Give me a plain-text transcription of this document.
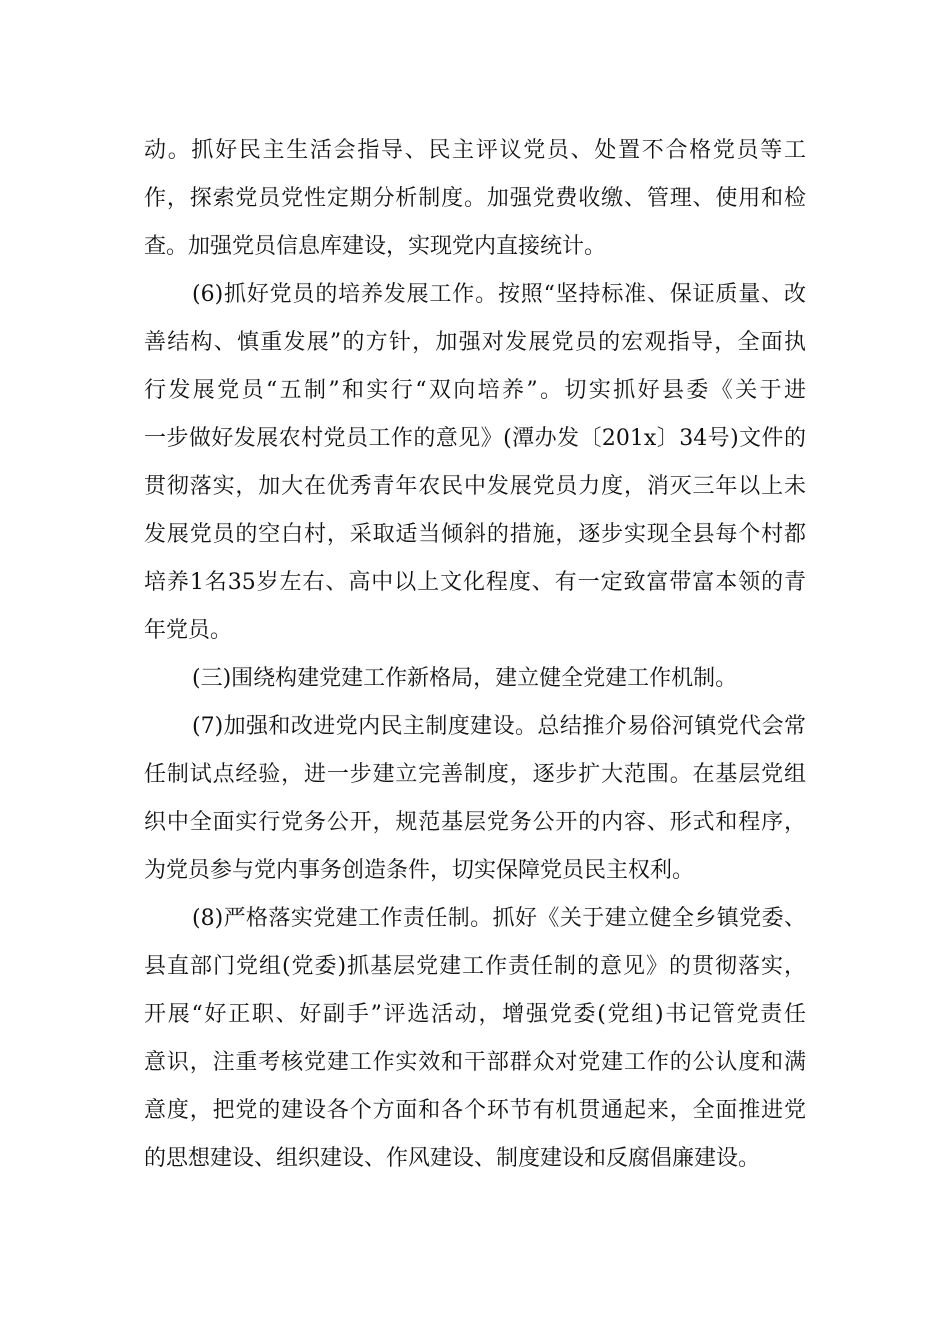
动。抓好民主生活会指导、民主评议党员、处置不合格党员等工
作，探索党员党性定期分析制度。加强党费收缴、管理、使用和检
查。加强党员信息库建设，实现党内直接统计。
(6)抓好党员的培养发展工作。按照“坚持标准、保证质量、改
善结构、慎重发展”的方针，加强对发展党员的宏观指导，全面执
行发展党员“五制”和实行“双向培养”。切实抓好县委《关于进
一步做好发展农村党员工作的意见》(潭办发〔201x〕34号)文件的
贯彻落实，加大在优秀青年农民中发展党员力度，消灭三年以上未
发展党员的空白村，采取适当倾斜的措施，逐步实现全县每个村都
培养1名35岁左右、高中以上文化程度、有一定致富带富本领的青
年党员。
(三)围绕构建党建工作新格局，建立健全党建工作机制。
(7)加强和改进党内民主制度建设。总结推介易俗河镇党代会常
任制试点经验，进一步建立完善制度，逐步扩大范围。在基层党组
织中全面实行党务公开，规范基层党务公开的内容、形式和程序，
为党员参与党内事务创造条件，切实保障党员民主权利。
(8)严格落实党建工作责任制。抓好《关于建立健全乡镇党委、
县直部门党组(党委)抓基层党建工作责任制的意见》的贯彻落实，
开展“好正职、好副手”评选活动，增强党委(党组)书记管党责任
意识，注重考核党建工作实效和干部群众对党建工作的公认度和满
意度，把党的建设各个方面和各个环节有机贯通起来，全面推进党
的思想建设、组织建设、作风建设、制度建设和反腐倡廉建设。
